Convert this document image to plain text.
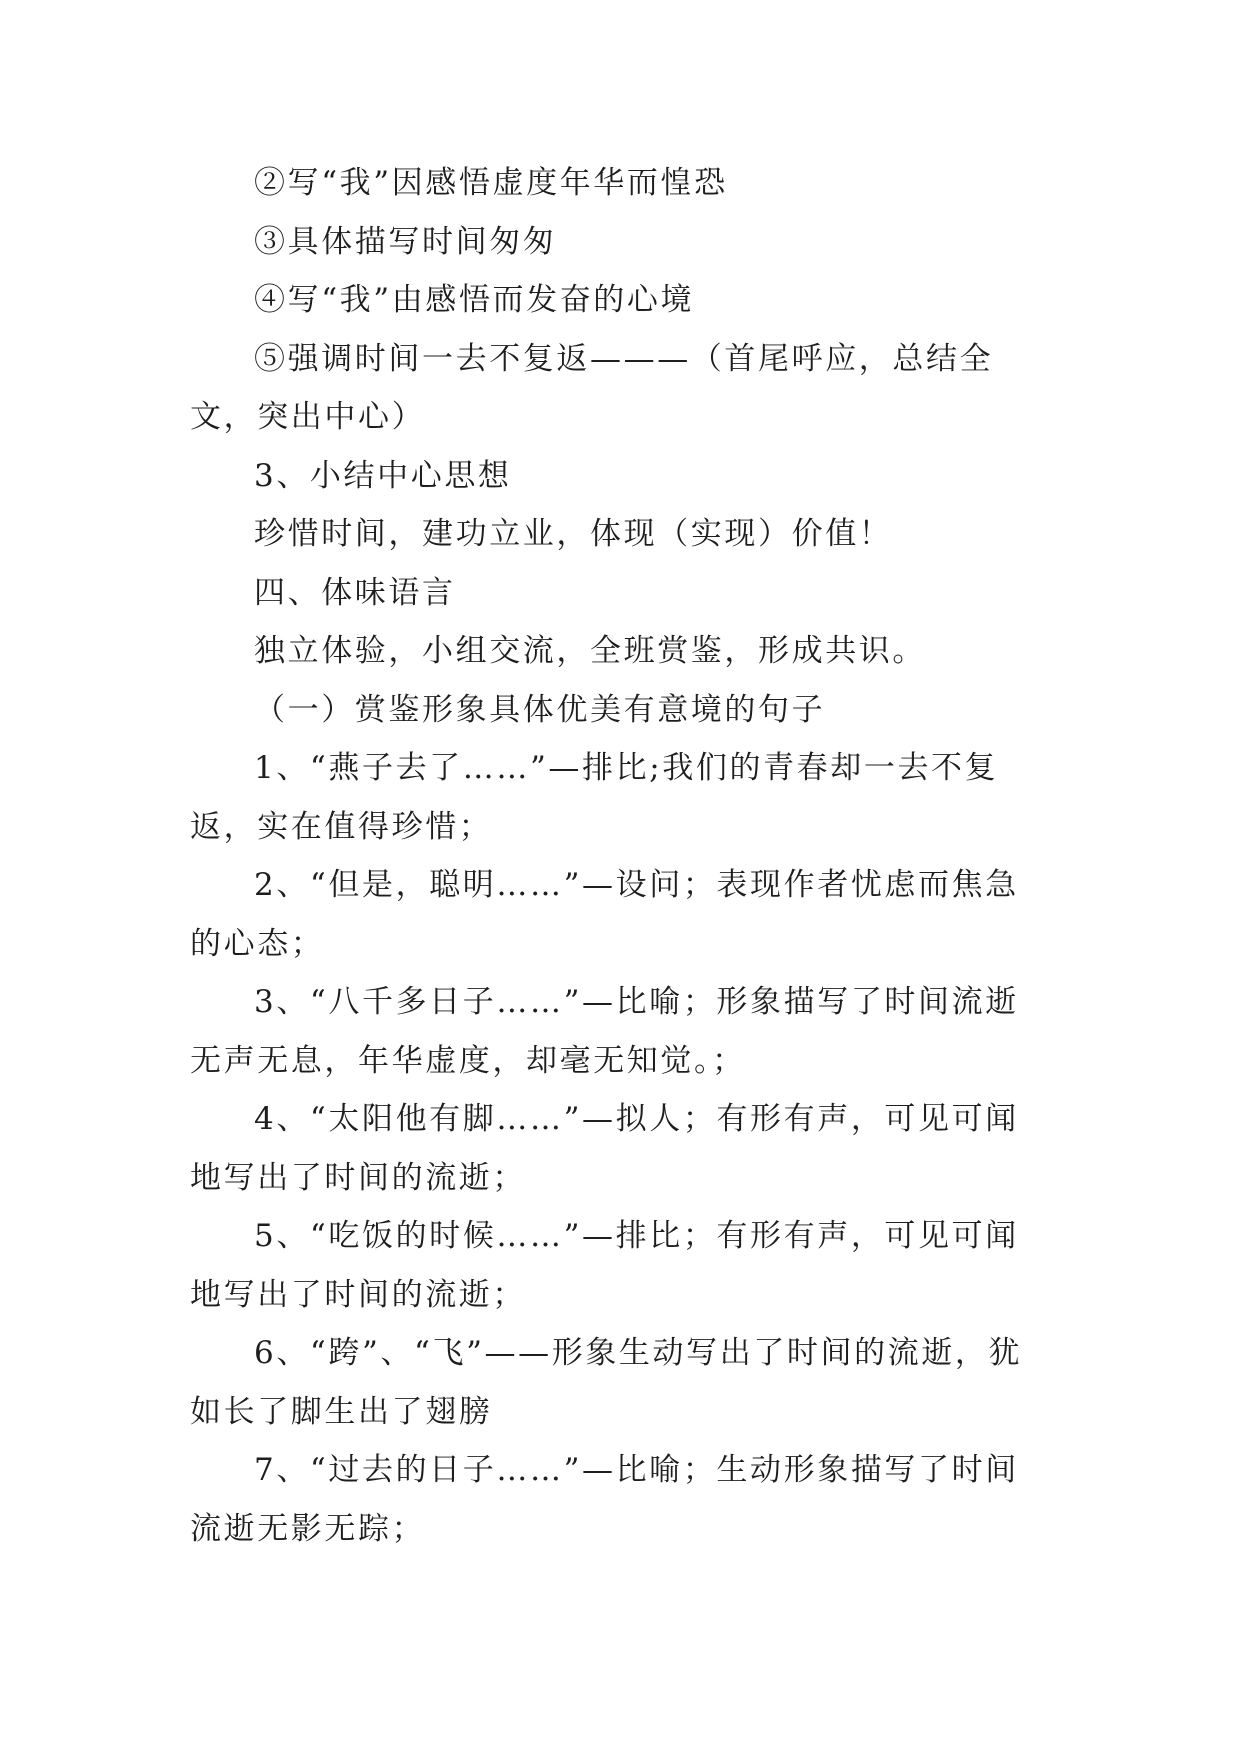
②写“我”因感悟虚度年华而惶恐

③具体描写时间匆匆

④写“我”由感悟而发奋的心境

⑤强调时间一去不复返———（首尾呼应，总结全文，突出中心）

3、小结中心思想

珍惜时间，建功立业，体现（实现）价值！

四、体味语言

独立体验，小组交流，全班赏鉴，形成共识。

（一）赏鉴形象具体优美有意境的句子

1、“燕子去了……”—排比;我们的青春却一去不复返，实在值得珍惜；

2、“但是，聪明……”—设问；表现作者忧虑而焦急的心态；

3、“八千多日子……”—比喻；形象描写了时间流逝无声无息，年华虚度，却毫无知觉。；

4、“太阳他有脚……”—拟人；有形有声，可见可闻地写出了时间的流逝；

5、“吃饭的时候……”—排比；有形有声，可见可闻地写出了时间的流逝；

6、“跨”、“飞”——形象生动写出了时间的流逝，犹如长了脚生出了翅膀

7、“过去的日子……”—比喻；生动形象描写了时间流逝无影无踪；
